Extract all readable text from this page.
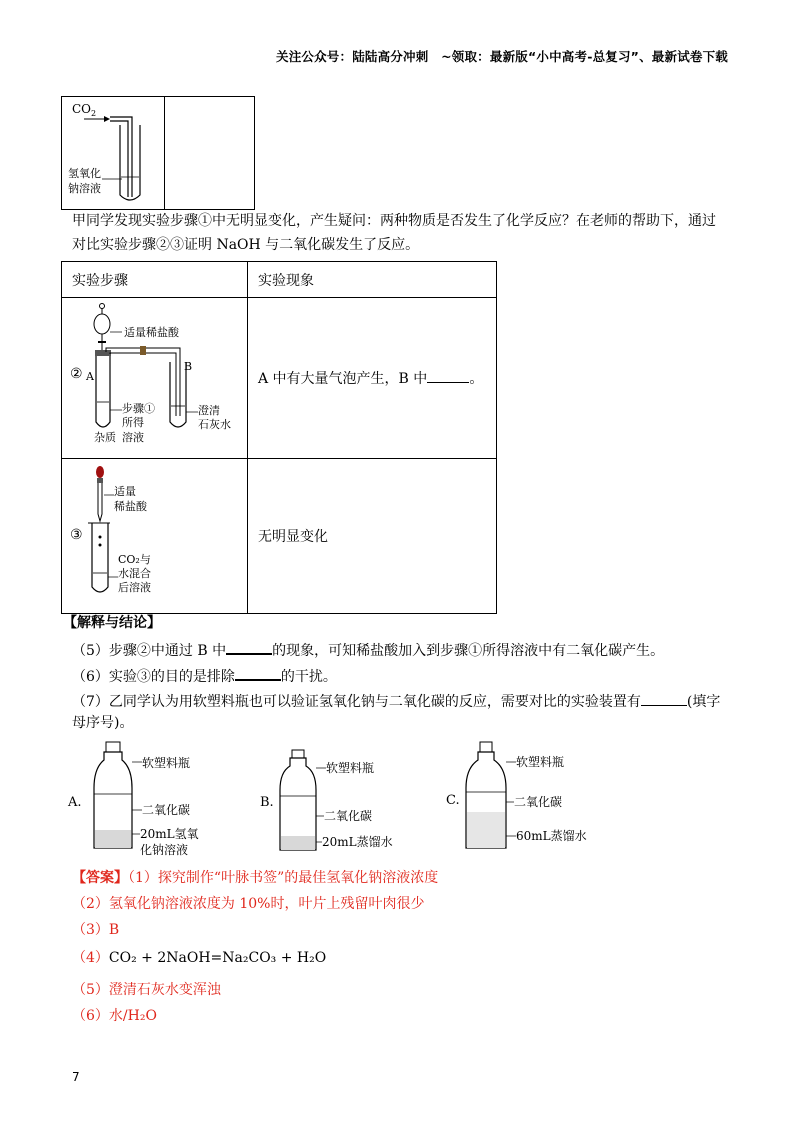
关注公众号：陆陆高分冲刺　~领取：最新版“小中高考-总复习”、最新试卷下载
$CO_2$
氢氧化
钠溶液
甲同学发现实验步骤①中无明显变化，产生疑问：两种物质是否发生了化学反应？在老师的帮助下，通过
对比实验步骤②③证明 NaOH 与二氧化碳发生了反应。
实验步骤	实验现象
② A
适量稀盐酸
B
步骤①
所得
杂质 溶液
澄清
石灰水
A 中有大量气泡产生，B 中	。
③
适量
稀盐酸
CO₂与
水混合
后溶液
无明显变化
【解释与结论】
（5）步骤②中通过 B 中	的现象，可知稀盐酸加入到步骤①所得溶液中有二氧化碳产生。
（6）实验③的目的是排除	的干扰。
（7）乙同学认为用软塑料瓶也可以验证氢氧化钠与二氧化碳的反应，需要对比的实验装置有	(填字
母序号)。
A.
软塑料瓶
二氧化碳
20mL氢氧
化钠溶液
B.
软塑料瓶
二氧化碳
20mL蒸馏水
C.
软塑料瓶
二氧化碳
60mL蒸馏水
【答案】（1）探究制作“叶脉书签”的最佳氢氧化钠溶液浓度
（2）氢氧化钠溶液浓度为 10%时，叶片上残留叶肉很少
（3）B
（4）CO₂ + 2NaOH=Na₂CO₃ + H₂O
（5）澄清石灰水变浑浊
（6）水/H₂O
7
